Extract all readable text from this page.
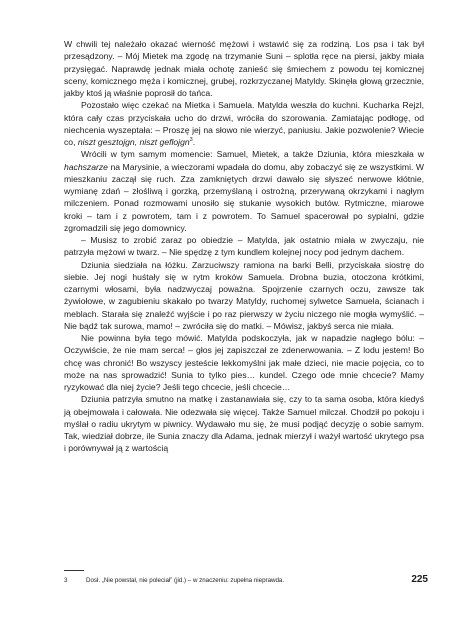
W chwili tej należało okazać wierność mężowi i wstawić się za rodziną. Los psa i tak był przesądzony. – Mój Mietek ma zgodę na trzymanie Suni – splotła ręce na piersi, jakby miała przysięgać. Naprawdę jednak miała ochotę zanieść się śmiechem z powodu tej komicznej sceny, komicznego męża i komicznej, grubej, rozkrzyczanej Matyldy. Skinęła głową grzecznie, jakby ktoś ją właśnie poprosił do tańca.

Pozostało więc czekać na Mietka i Samuela. Matylda weszła do kuchni. Kucharka Rejzl, która cały czas przyciskała ucho do drzwi, wróciła do szorowania. Zamiatając podłogę, od niechcenia wyszeptała: – Proszę jej na słowo nie wierzyć, paniusiu. Jakie pozwolenie? Wiecie co, niszt gesztojgn, niszt geflojgn$^3$.

Wrócili w tym samym momencie: Samuel, Mietek, a także Dziunia, która mieszkała w hachszarze na Marysinie, a wieczorami wpadała do domu, aby zobaczyć się ze wszystkimi. W mieszkaniu zaczął się ruch. Zza zamkniętych drzwi dawało się słyszeć nerwowe kłótnie, wymianę zdań – złośliwą i gorzką, przemyślaną i ostrożną, przerywaną okrzykami i nagłym milczeniem. Ponad rozmowami unosiło się stukanie wysokich butów. Rytmiczne, miarowe kroki – tam i z powrotem, tam i z powrotem. To Samuel spacerował po sypialni, gdzie zgromadzili się jego domownicy.

– Musisz to zrobić zaraz po obiedzie – Matylda, jak ostatnio miała w zwyczaju, nie patrzyła mężowi w twarz. – Nie spędzę z tym kundlem kolejnej nocy pod jednym dachem.

Dziunia siedziała na łóżku. Zarzuciwszy ramiona na barki Belli, przyciskała siostrę do siebie. Jej nogi huśtały się w rytm kroków Samuela. Drobna buzia, otoczona krótkimi, czarnymi włosami, była nadzwyczaj poważna. Spojrzenie czarnych oczu, zawsze tak żywiołowe, w zagubieniu skakało po twarzy Matyldy, ruchomej sylwetce Samuela, ścianach i meblach. Starała się znaleźć wyjście i po raz pierwszy w życiu niczego nie mogła wymyślić. – Nie bądź tak surowa, mamo! – zwróciła się do matki. – Mówisz, jakbyś serca nie miała.

Nie powinna była tego mówić. Matylda podskoczyła, jak w napadzie nagłego bólu: – Oczywiście, że nie mam serca! – głos jej zapiszczał ze zdenerwowania. – Z lodu jestem! Bo chcę was chronić! Bo wszyscy jesteście lekkomyślni jak małe dzieci, nie macie pojęcia, co to może na nas sprowadzić! Sunia to tylko pies… kundel. Czego ode mnie chcecie? Mamy ryzykować dla niej życie? Jeśli tego chcecie, jeśli chcecie…

Dziunia patrzyła smutno na matkę i zastanawiała się, czy to ta sama osoba, która kiedyś ją obejmowała i całowała. Nie odezwała się więcej. Także Samuel milczał. Chodził po pokoju i myślał o radiu ukrytym w piwnicy. Wydawało mu się, że musi podjąć decyzję o sobie samym. Tak, wiedział dobrze, ile Sunia znaczy dla Adama, jednak mierzył i ważył wartość ukrytego psa i porównywał ją z wartością

3	Dosł. „Nie powstał, nie poleciał” (jid.) – w znaczeniu: zupełna nieprawda.	225
